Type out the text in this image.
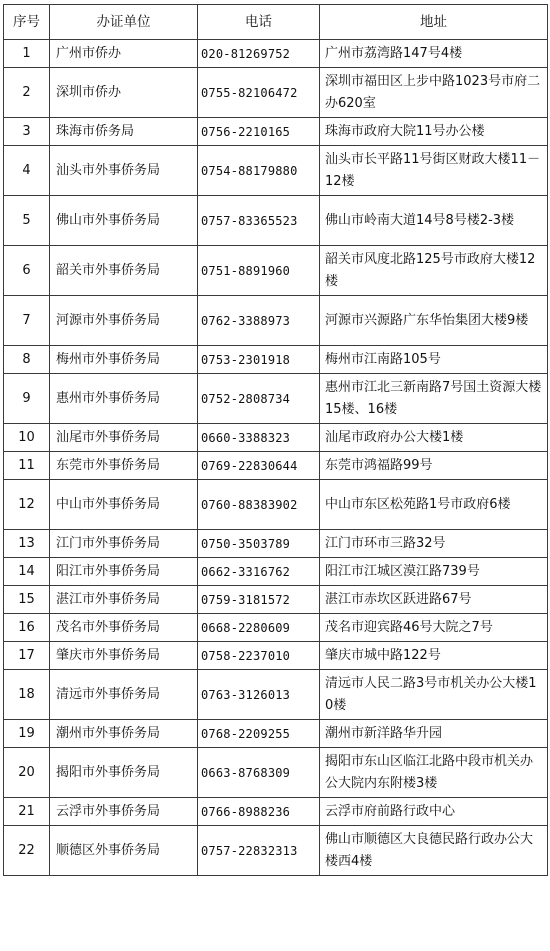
序号	办证单位	电话	地址
1	广州市侨办	020-81269752	广州市荔湾路147号4楼
2	深圳市侨办	0755-82106472	深圳市福田区上步中路1023号市府二办620室
3	珠海市侨务局	0756-2210165	珠海市政府大院11号办公楼
4	汕头市外事侨务局	0754-88179880	汕头市长平路11号街区财政大楼11－12楼
5	佛山市外事侨务局	0757-83365523	佛山市岭南大道14号8号楼2-3楼
6	韶关市外事侨务局	0751-8891960	韶关市风度北路125号市政府大楼12楼
7	河源市外事侨务局	0762-3388973	河源市兴源路广东华怡集团大楼9楼
8	梅州市外事侨务局	0753-2301918	梅州市江南路105号
9	惠州市外事侨务局	0752-2808734	惠州市江北三新南路7号国土资源大楼15楼、16楼
10	汕尾市外事侨务局	0660-3388323	汕尾市政府办公大楼1楼
11	东莞市外事侨务局	0769-22830644	东莞市鸿福路99号
12	中山市外事侨务局	0760-88383902	中山市东区松苑路1号市政府6楼
13	江门市外事侨务局	0750-3503789	江门市环市三路32号
14	阳江市外事侨务局	0662-3316762	阳江市江城区漠江路739号
15	湛江市外事侨务局	0759-3181572	湛江市赤坎区跃进路67号
16	茂名市外事侨务局	0668-2280609	茂名市迎宾路46号大院之7号
17	肇庆市外事侨务局	0758-2237010	肇庆市城中路122号
18	清远市外事侨务局	0763-3126013	清远市人民二路3号市机关办公大楼10楼
19	潮州市外事侨务局	0768-2209255	潮州市新洋路华升园
20	揭阳市外事侨务局	0663-8768309	揭阳市东山区临江北路中段市机关办公大院内东附楼3楼
21	云浮市外事侨务局	0766-8988236	云浮市府前路行政中心
22	顺德区外事侨务局	0757-22832313	佛山市顺德区大良德民路行政办公大楼西4楼
